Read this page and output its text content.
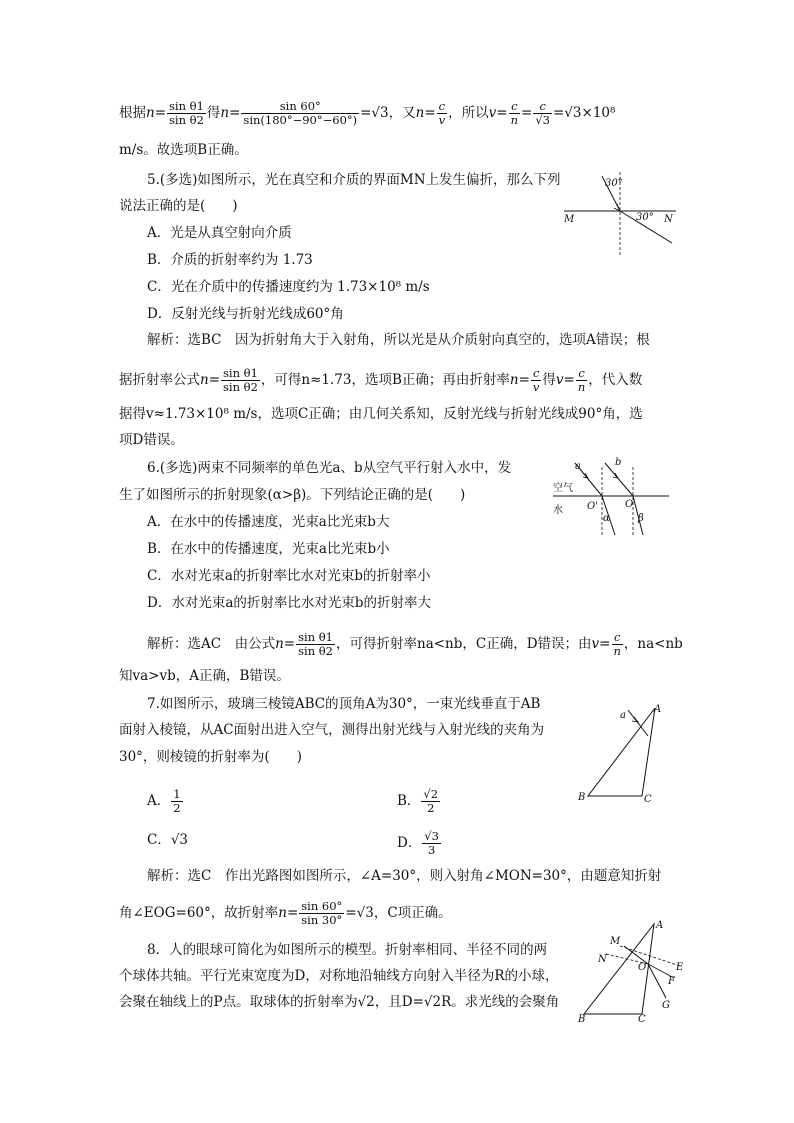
根据$n= \frac{\text{sin θ1}}{\text{sin θ2}}$ 得$n= \frac{\sin 60^\circ}{\sin(180^\circ-90^\circ-60^\circ)} =√3$，又$n= \frac{c}{v}$ ，所以$v= \frac{c}{n} = \frac{c}{√3} =√3\times 10^8$
m/s。故选项B正确。
5.(多选)如图所示，光在真空和介质的界面MN上发生偏折，那么下列
说法正确的是(　　)
A．光是从真空射向介质
B．介质的折射率约为 1.73
C．光在介质中的传播速度约为 1.73×10⁸ m/s
D．反射光线与折射光线成60°角
30°
30°
M	N
解析：选BC　因为折射角大于入射角，所以光是从介质射向真空的，选项A错误；根
据折射率公式$n= \frac{\text{sin θ1}}{\text{sin θ2}}$ ，可得n≈1.73，选项B正确；再由折射率$n= \frac{c}{v}$ 得$v= \frac{c}{n}$ ，代入数
据得v≈1.73×10⁸ m/s，选项C正确；由几何关系知，反射光线与折射光线成90°角，选
项D错误。
6.(多选)两束不同频率的单色光a、b从空气平行射入水中，发
生了如图所示的折射现象(α>β)。下列结论正确的是(　　)
A．在水中的传播速度，光束a比光束b大
B．在水中的传播速度，光束a比光束b小
C．水对光束a的折射率比水对光束b的折射率小
D．水对光束a的折射率比水对光束b的折射率大
a	b
空气
水 O'	O
α	β
解析：选AC　由公式$n= \frac{\text{sin θ1}}{\text{sin θ2}}$ ，可得折射率na<nb，C正确，D错误；由$v= \frac{c}{n}$ ，na<nb
知va>vb，A正确，B错误。
7.如图所示，玻璃三棱镜ABC的顶角A为30°，一束光线垂直于AB
面射入棱镜，从AC面射出进入空气，测得出射光线与入射光线的夹角为
30°，则棱镜的折射率为(　　)
A． $\frac{1}{2}$	B． $\frac{√2}{2}$
C．√3	D． $\frac{√3}{3}$
a
A
B	C
解析：选C　作出光路图如图所示，∠A=30°，则入射角∠MON=30°，由题意知折射
角∠EOG=60°，故折射率$n= \frac{\sin 60^\circ}{\sin 30^\circ} =√3$，C项正确。
A
M
N
O	E
F
G
B	C
8．人的眼球可简化为如图所示的模型。折射率相同、半径不同的两
个球体共轴。平行光束宽度为D，对称地沿轴线方向射入半径为R的小球，
会聚在轴线上的P点。取球体的折射率为√2，且D=√2R。求光线的会聚角
